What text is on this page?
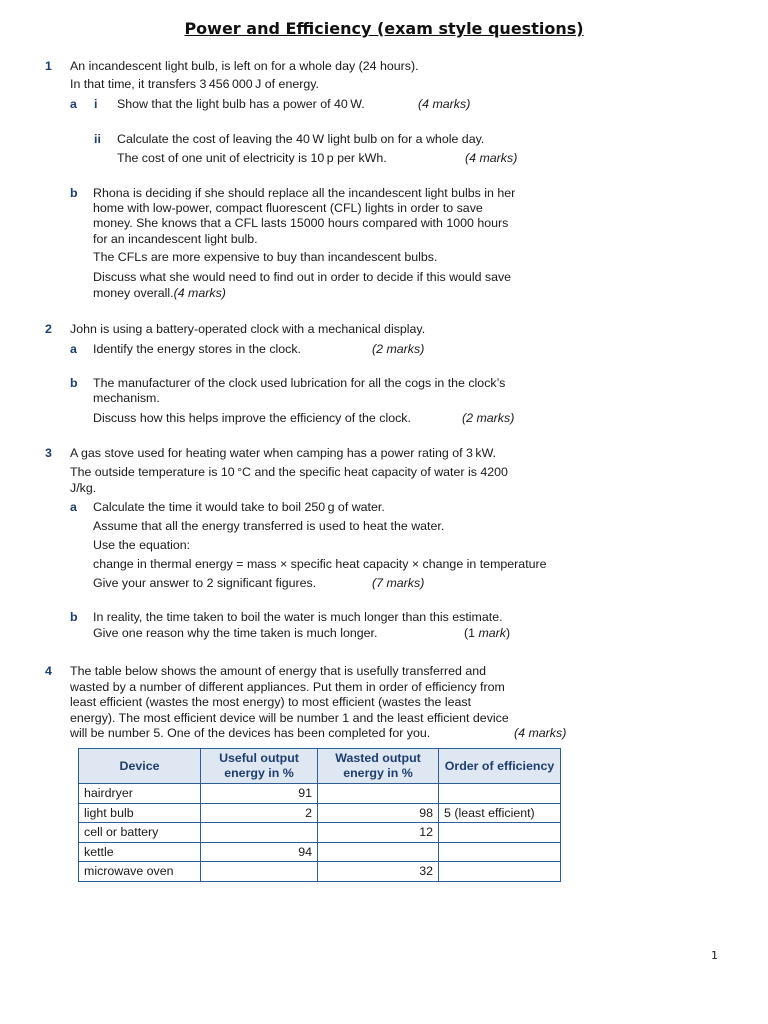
Power and Efficiency (exam style questions)
1 An incandescent light bulb, is left on for a whole day (24 hours).
In that time, it transfers 3 456 000 J of energy.
a i Show that the light bulb has a power of 40 W.	(4 marks)
ii Calculate the cost of leaving the 40 W light bulb on for a whole day.
The cost of one unit of electricity is 10 p per kWh.	(4 marks)
b Rhona is deciding if she should replace all the incandescent light bulbs in her
home with low-power, compact fluorescent (CFL) lights in order to save
money. She knows that a CFL lasts 15000 hours compared with 1000 hours
for an incandescent light bulb.
The CFLs are more expensive to buy than incandescent bulbs.
Discuss what she would need to find out in order to decide if this would save
money overall.(4 marks)
2 John is using a battery-operated clock with a mechanical display.
a Identify the energy stores in the clock.	(2 marks)
b The manufacturer of the clock used lubrication for all the cogs in the clock’s
mechanism.
Discuss how this helps improve the efficiency of the clock.	(2 marks)
3 A gas stove used for heating water when camping has a power rating of 3 kW.
The outside temperature is 10 °C and the specific heat capacity of water is 4200
J/kg.
a Calculate the time it would take to boil 250 g of water.
Assume that all the energy transferred is used to heat the water.
Use the equation:
change in thermal energy = mass × specific heat capacity × change in temperature
Give your answer to 2 significant figures.	(7 marks)
b In reality, the time taken to boil the water is much longer than this estimate.
Give one reason why the time taken is much longer.	(1 mark)
4 The table below shows the amount of energy that is usefully transferred and
wasted by a number of different appliances. Put them in order of efficiency from
least efficient (wastes the most energy) to most efficient (wastes the least
energy). The most efficient device will be number 1 and the least efficient device
will be number 5. One of the devices has been completed for you.	(4 marks)
Device	Useful output energy in %	Wasted output energy in %	Order of efficiency
hairdryer	91		
light bulb	2	98	5 (least efficient)
cell or battery		12	
kettle	94		
microwave oven		32	
1
